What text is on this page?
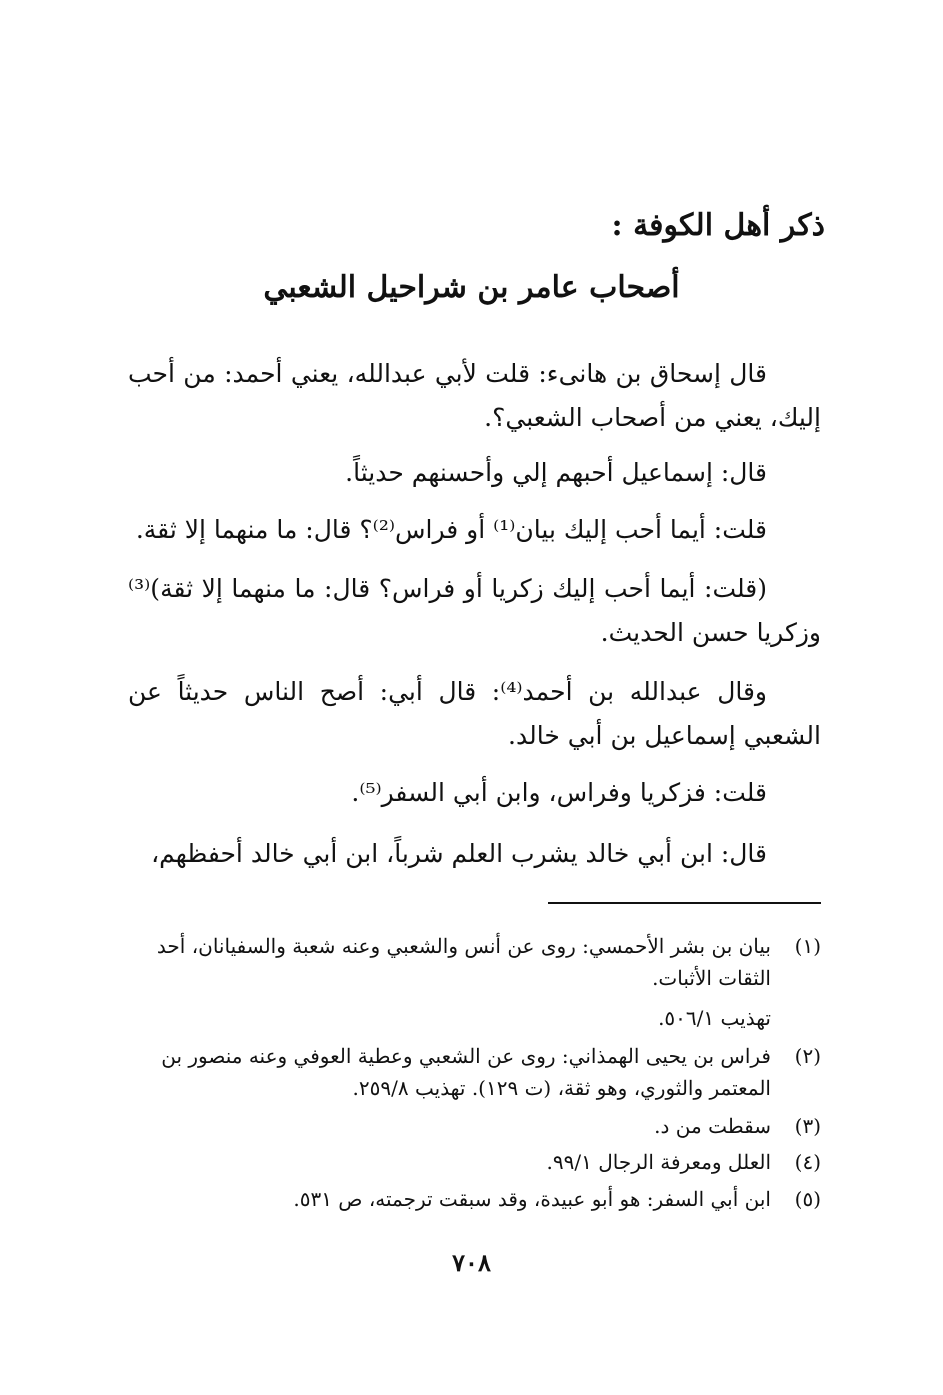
ذكر أهل الكوفة :
أصحاب عامر بن شراحيل الشعبي
قال إسحاق بن هانىء: قلت لأبي عبدالله، يعني أحمد: من أحب إليك، يعني من أصحاب الشعبي؟.
قال: إسماعيل أحبهم إلي وأحسنهم حديثاً.
قلت: أيما أحب إليك بيان⁽¹⁾ أو فراس⁽²⁾؟ قال: ما منهما إلا ثقة.
(قلت: أيما أحب إليك زكريا أو فراس؟ قال: ما منهما إلا ثقة)⁽³⁾ وزكريا حسن الحديث.
وقال عبدالله بن أحمد⁽⁴⁾: قال أبي: أصح الناس حديثاً عن الشعبي إسماعيل بن أبي خالد.
قلت: فزكريا وفراس، وابن أبي السفر⁽⁵⁾.
قال: ابن أبي خالد يشرب العلم شرباً، ابن أبي خالد أحفظهم،
(١)
بيان بن بشر الأحمسي: روى عن أنس والشعبي وعنه شعبة والسفيانان، أحد الثقات الأثبات.
تهذيب ٥٠٦/١.
(٢)
فراس بن يحيى الهمذاني: روى عن الشعبي وعطية العوفي وعنه منصور بن المعتمر والثوري، وهو ثقة، (ت ١٢٩). تهذيب ٢٥٩/٨.
(٣)
سقطت من د.
(٤)
العلل ومعرفة الرجال ٩٩/١.
(٥)
ابن أبي السفر: هو أبو عبيدة، وقد سبقت ترجمته، ص ٥٣١.
٧٠٨
